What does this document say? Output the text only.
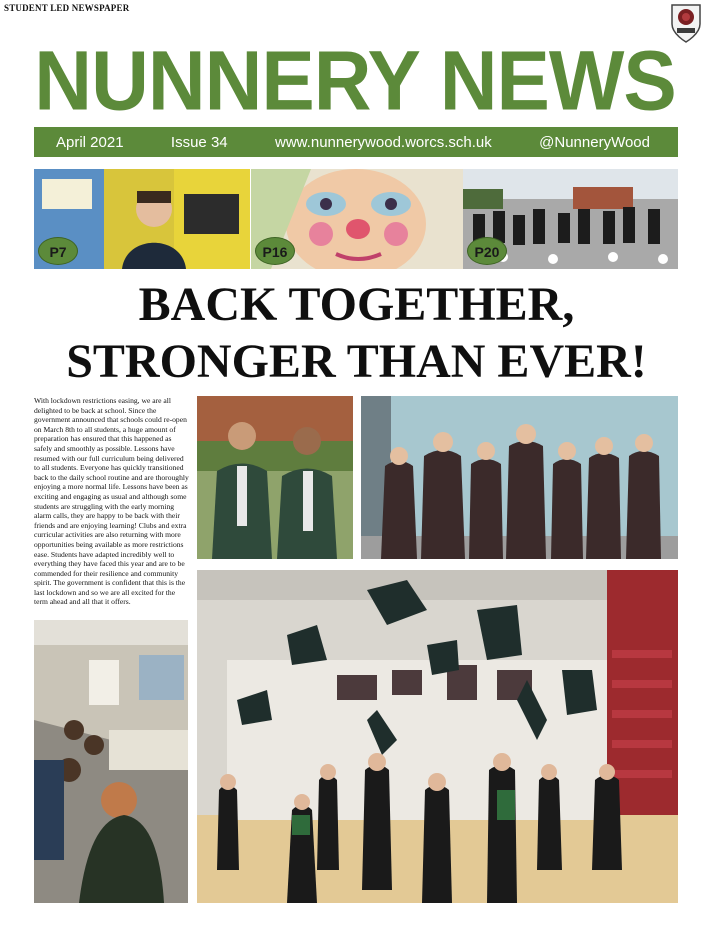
STUDENT LED NEWSPAPER
NUNNERY NEWS
April 2021	Issue 34	www.nunnerywood.worcs.sch.uk	@NunneryWood
P7	P16	P20
BACK TOGETHER,
STRONGER THAN EVER!
With lockdown restrictions easing, we are all delighted to be back at school. Since the government announced that schools could re-open on March 8th to all students, a huge amount of preparation has ensured that this happened as safely and smoothly as possible. Lessons have resumed with our full curriculum being delivered to all students. Everyone has quickly transitioned back to the daily school routine and are thoroughly enjoying a more normal life. Lessons have been as exciting and engaging as usual and although some students are struggling with the early morning alarm calls, they are happy to be back with their friends and are enjoying learning! Clubs and extra curricular activities are also returning with more opportunities being available as more restrictions ease. Students have adapted incredibly well to everything they have faced this year and are to be commended for their resilience and community spirit. The government is confident that this is the last lockdown and so we are all excited for the term ahead and all that it offers.
